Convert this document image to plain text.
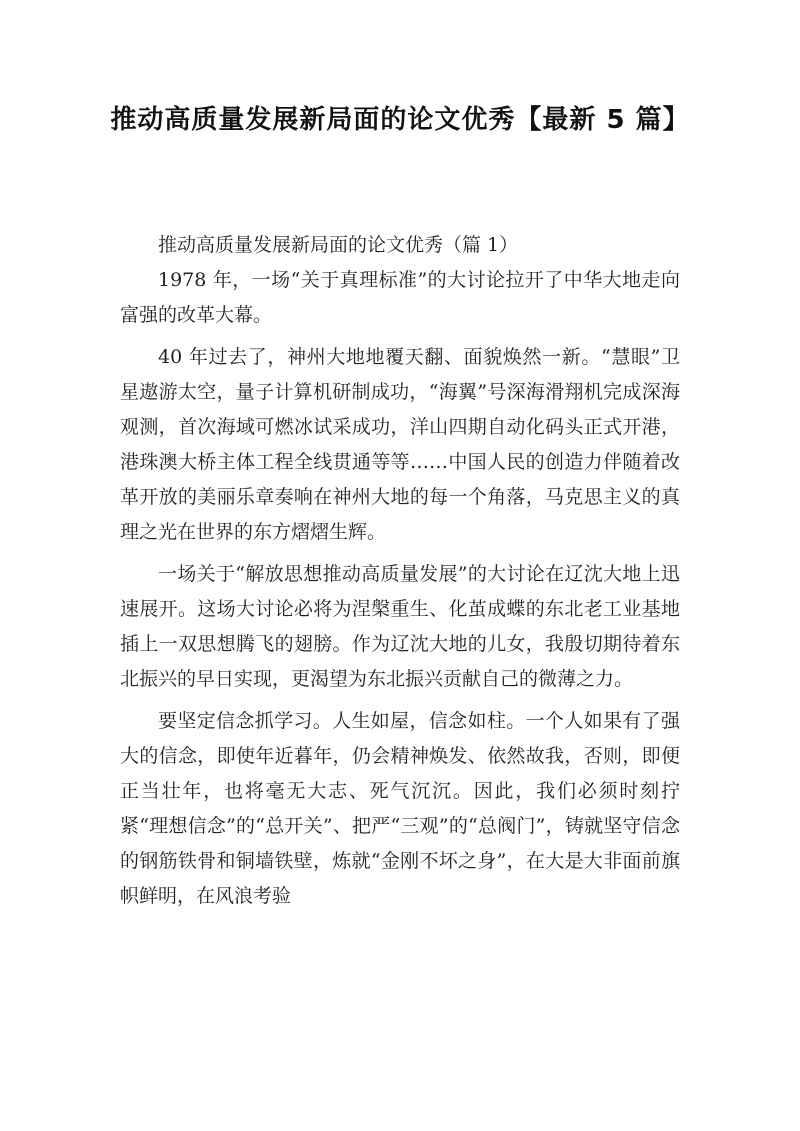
推动高质量发展新局面的论文优秀【最新 5 篇】

推动高质量发展新局面的论文优秀（篇 1）

1978 年，一场“关于真理标准”的大讨论拉开了中华大地走向富强的改革大幕。

40 年过去了，神州大地地覆天翻、面貌焕然一新。“慧眼”卫星遨游太空，量子计算机研制成功，“海翼”号深海滑翔机完成深海观测，首次海域可燃冰试采成功，洋山四期自动化码头正式开港，港珠澳大桥主体工程全线贯通等等……中国人民的创造力伴随着改革开放的美丽乐章奏响在神州大地的每一个角落，马克思主义的真理之光在世界的东方熠熠生辉。

一场关于“解放思想推动高质量发展”的大讨论在辽沈大地上迅速展开。这场大讨论必将为涅槃重生、化茧成蝶的东北老工业基地插上一双思想腾飞的翅膀。作为辽沈大地的儿女，我殷切期待着东北振兴的早日实现，更渴望为东北振兴贡献自己的微薄之力。

要坚定信念抓学习。人生如屋，信念如柱。一个人如果有了强大的信念，即使年近暮年，仍会精神焕发、依然故我，否则，即便正当壮年，也将毫无大志、死气沉沉。因此，我们必须时刻拧紧“理想信念”的“总开关”、把严“三观”的“总阀门”，铸就坚守信念的钢筋铁骨和铜墙铁壁，炼就“金刚不坏之身”，在大是大非面前旗帜鲜明，在风浪考验
